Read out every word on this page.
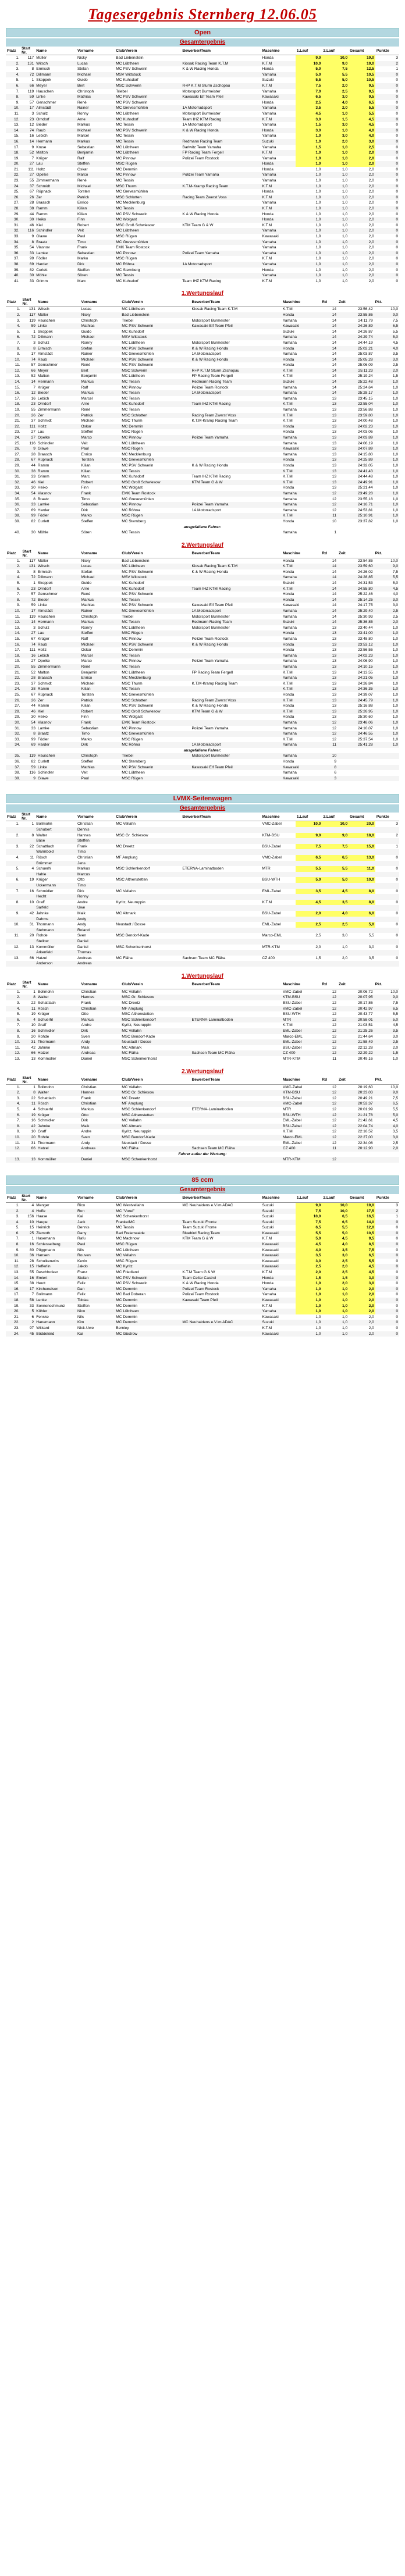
Tagesergebnis Sternberg 12.06.05
Open
Gesamtergebnis
Platz	Start Nr.	Name	Vorname	Club/Verein	Bewerber/Team	Maschine	1.Lauf	2.Lauf	Gesamt	Punkte
1.	117	Müller	Nicky	Bad Liebenstein		Honda	9,0	10,0	19,0	3
2.	131	Witsch	Lucas	MC Lübtheen	Kiosak Racing Team K.T.M	K.T.M	10,0	9,0	19,0	2
3.	8	Ermisch	Stefan	MC PSV Schwerin	K & W Racing Honda	Honda	5,0	7,5	12,5	1
4.	72	Dillmann	Michael	MSV Wittstock		Yamaha	5,0	5,5	10,5	0
5.	1	Skoppek	Guido	MC Kuhsdorf		Suzuki	5,5	5,0	10,5	0
6.	66	Meyer	Bert	MSC Schwerin	R+P K.T.M Sturm Zschopau	K.T.M	7,5	2,0	9,5	0
7.	119	Hauschen	Christoph	Triebel	Motorsport Burmeister	Yamaha	7,0	2,5	9,5	0
8.	59	Linke	Mathias	MC PSV Schwerin	Kawasaki Elf Team Pfeil	Kawasaki	6,5	3,0	9,5	0
9.	57	Genschmer	René	MC PSV Schwerin		Honda	2,5	4,0	6,5	0
10.	17	Almstädt	Rainer	MC Grevesmühlen	1A Motorradsport	Yamaha	3,5	2,0	5,5	0
11.	3	Schulz	Ronny	MC Lübtheen	Motorsport Burmeister	Yamaha	4,5	1,0	5,5	0
12.	23	Orndorf	Arne	MC Kuhsdorf	Team IHZ KTM Racing	K.T.M	3,0	1,5	4,5	0
13.	12	Bieder	Markus	MC Tessin	1A Motorradsport	Yamaha	1,5	3,0	4,5	0
14.	74	Raub	Michael	MC PSV Schwerin	K & W Racing Honda	Honda	3,0	1,0	4,0	0
15.	16	Lebich	Marcel	MC Tessin		Yamaha	1,0	3,0	4,0	0
16.	14	Hermann	Markus	MC Tessin	Redmann Racing Team	Suzuki	1,0	2,0	3,0	0
17.	9	Kruse	Sebastian	MC Lübtheen	Barlwitz Team Yamaha	Yamaha	1,5	1,0	2,5	0
18.	52	Malton	Benjamin	MC Lübtheen	FP Racing Team Fergell	K.T.M	1,0	1,0	2,0	0
19.	7	Krüger	Ralf	MC Pinnow	Polizei Team Rostock	Yamaha	1,0	1,0	2,0	0
20.	27	Lau	Steffen	MSC Rügen		Honda	1,0	1,0	2,0	0
21.	111	Holtz	Oskar	MC Demmin		Honda	1,0	1,0	2,0	0
22.	27	Opelke	Marco	MC Pinnow	Polizei Team Yamaha	Yamaha	1,0	1,0	2,0	0
23.	55	Zimmermann	René	MC Tessin		Yamaha	1,0	1,0	2,0	0
24.	37	Schmidt	Michael	MSC Thurm	K.T.M-Kramp Racing Team	K.T.M	1,0	1,0	2,0	0
25.	67	Rüpnack	Torsten	MC Grevesmühlen		Honda	1,0	1,0	2,0	0
26.	26	Zer	Patrick	MSC Schlotten	Racing Team Zwerst Voss	K.T.M	1,0	1,0	2,0	0
27.	28	Braasch	Enrico	MC Mecklenburg		Yamaha	1,0	1,0	2,0	0
28.	38	Ramm	Kilian	MC Tessin		K.T.M	1,0	1,0	2,0	0
29.	44	Ramm	Kilian	MC PSV Schwerin	K & W Racing Honda	Honda	1,0	1,0	2,0	0
30.	30	Heiko	Finn	MC Wolgast		Honda	1,0	1,0	2,0	0
31.	46	Kiel	Robert	MSC Groß Schwiesow	KTM Team G & W	K.T.M	1,0	1,0	2,0	0
32.	116	Schindler	Veit	MC Lübtheen		Yamaha	1,0	1,0	2,0	0
33.	9	Glawe	Paul	MSC Rügen		Kawasaki	1,0	1,0	2,0	0
34.	8	Braatz	Timo	MC Grevesmühlen		Yamaha	1,0	1,0	2,0	0
35.	54	Vlasnov	Frank	EMK Team Rostock		Yamaha	1,0	1,0	2,0	0
36.	33	Lamke	Sebastian	MC Pinnow	Polizei Team Yamaha	Yamaha	1,0	1,0	2,0	0
37.	99	Födler	Marko	MSC Rügen		K.T.M	1,0	1,0	2,0	0
38.	69	Harder	Dirk	MC Röhna	1A Motorradsport	Yamaha	1,0	1,0	2,0	0
39.	82	Curlett	Steffen	MC Sternberg		Honda	1,0	1,0	2,0	0
40.	30	Möhle	Sören	MC Tessin		Yamaha	1,0	1,0	2,0	0
41.	33	Grimm	Marc	MC Kuhsdorf	Team IHZ KTM Racing	K.T.M	1,0	1,0	2,0	0
1.Wertungslauf
Platz	Start Nr.	Name	Vorname	Club/Verein	Bewerber/Team	Maschine	Rd	Zeit	Pkt.
1.	131	Witsch	Lucas	MC Lübtheen	Kiosak Racing Team K.T.M	K.T.M	14	23:56,42	10,0
2.	117	Müller	Nicky	Bad Liebenstein		Honda	14	23:55,86	9,0
3.	119	Hauschen	Christoph	Triebel	Motorsport Burmeister	Yamaha	14	24:11,79	7,5
4.	59	Linke	Mathias	MC PSV Schwerin	Kawasaki Elf Team Pfeil	Kawasaki	14	24:26,89	6,5
5.	1	Skoppek	Guido	MC Kuhsdorf		Suzuki	14	24:26,87	5,5
6.	72	Dillmann	Michael	MSV Wittstock		Yamaha	14	24:29,74	5,0
7.	3	Schulz	Ronny	MC Lübtheen	Motorsport Burmeister	Yamaha	14	24:44,19	4,5
8.	8	Ermisch	Stefan	MC PSV Schwerin	K & W Racing Honda	Honda	14	25:02,21	4,0
9.	17	Almstädt	Rainer	MC Grevesmühlen	1A Motorradsport	Yamaha	14	25:03,87	3,5
10.	74	Raub	Michael	MC PSV Schwerin	K & W Racing Honda	Honda	14	25:05,28	3,0
11.	57	Genschmer	René	MC PSV Schwerin		Honda	14	25:06,09	2,5
12.	66	Meyer	Bert	MSC Schwerin	R+P K.T.M Sturm Zschopau	K.T.M	14	25:11,23	2,0
13.	52	Malton	Benjamin	MC Lübtheen	FP Racing Team Fergell	K.T.M	14	25:19,24	1,5
14.	14	Hermann	Markus	MC Tessin	Redmann Racing Team	Suzuki	14	25:22,48	1,0
15.	7	Krüger	Ralf	MC Pinnow	Polizei Team Rostock	Yamaha	14	25:24,64	1,0
16.	12	Bieder	Markus	MC Tessin	1A Motorradsport	Yamaha	14	25:28,17	1,0
17.	16	Lebich	Marcel	MC Tessin		Yamaha	13	23:45,15	1,0
18.	23	Orndorf	Arne	MC Kuhsdorf	Team IHZ KTM Racing	K.T.M	13	23:55,04	1,0
19.	55	Zimmermann	René	MC Tessin		Yamaha	13	23:56,88	1,0
20.	26	Zer	Patrick	MSC Schlotten	Racing Team Zwerst Voss	K.T.M	13	23:59,80	1,0
21.	37	Schmidt	Michael	MSC Thurm	K.T.M-Kramp Racing Team	K.T.M	13	24:00,48	1,0
22.	111	Holtz	Oskar	MC Demmin		Honda	13	24:02,23	1,0
23.	27	Lau	Steffen	MSC Rügen		Honda	13	24:03,06	1,0
24.	27	Opelke	Marco	MC Pinnow	Polizei Team Yamaha	Yamaha	13	24:03,89	1,0
25.	116	Schindler	Veit	MC Lübtheen		Yamaha	13	24:06,19	1,0
26.	9	Glawe	Paul	MSC Rügen		Kawasaki	13	24:07,89	1,0
27.	28	Braasch	Enrico	MC Mecklenburg		Yamaha	13	24:15,80	1,0
28.	67	Rüpnack	Torsten	MC Grevesmühlen		Honda	13	24:25,89	1,0
29.	44	Ramm	Kilian	MC PSV Schwerin	K & W Racing Honda	Honda	13	24:32,05	1,0
30.	38	Ramm	Kilian	MC Tessin		K.T.M	13	24:41,43	1,0
31.	33	Grimm	Marc	MC Kuhsdorf	Team IHZ KTM Racing	K.T.M	13	24:44,48	1,0
32.	46	Kiel	Robert	MSC Groß Schwiesow	KTM Team G & W	K.T.M	13	24:49,91	1,0
33.	30	Heiko	Finn	MC Wolgast		Honda	13	25:21,44	1,0
34.	54	Vlasnov	Frank	EMK Team Rostock		Yamaha	12	23:49,28	1,0
35.	8	Braatz	Timo	MC Grevesmühlen		Yamaha	12	23:55,18	1,0
36.	33	Lamke	Sebastian	MC Pinnow	Polizei Team Yamaha	Yamaha	12	24:16,71	1,0
37.	69	Harder	Dirk	MC Röhna	1A Motorradsport	Yamaha	12	24:53,81	1,0
38.	99	Födler	Marko	MSC Rügen		K.T.M	11	25:10,91	1,0
39.	82	Curlett	Steffen	MC Sternberg		Honda	10	23:37,82	1,0
ausgefallene Fahrer:									
40.	30	Möhle	Sören	MC Tessin		Yamaha	1		
2.Wertungslauf
Platz	Start Nr.	Name	Vorname	Club/Verein	Bewerber/Team	Maschine	Rd	Zeit	Pkt.
1.	117	Müller	Nicky	Bad Liebenstein		Honda	14	23:54,85	10,0
2.	131	Witsch	Lucas	MC Lübtheen	Kiosak Racing Team K.T.M	K.T.M	14	23:59,60	9,0
3.	8	Ermisch	Stefan	MC PSV Schwerin	K & W Racing Honda	Honda	14	24:26,02	7,5
4.	72	Dillmann	Michael	MSV Wittstock		Yamaha	14	24:28,85	5,5
5.	1	Skoppek	Guido	MC Kuhsdorf		Suzuki	14	24:31,53	5,0
6.	23	Orndorf	Arne	MC Kuhsdorf	Team IHZ KTM Racing	K.T.M	14	24:55,80	4,5
7.	57	Genschmer	René	MC PSV Schwerin		Honda	14	25:22,46	4,0
8.	72	Bieder	Markus	MC Tessin		Honda	14	25:14,25	3,0
9.	59	Linke	Mathias	MC PSV Schwerin	Kawasaki Elf Team Pfeil	Kawasaki	14	24:17,75	3,0
10.	17	Almstädt	Rainer	MC Grevesmühlen	1A Motorradsport	Yamaha	14	25:29,40	2,5
11.	119	Hauschen	Christoph	Triebel	Motorsport Burmeister	Yamaha	14	25:30,93	2,5
12.	14	Hermann	Markus	MC Tessin	Redmann Racing Team	Suzuki	14	25:36,85	2,0
13.	3	Schulz	Ronny	MC Lübtheen	Motorsport Burmeister	Yamaha	13	23:40,44	1,0
14.	27	Lau	Steffen	MSC Rügen		Honda	13	23:41,00	1,0
15.	67	Krüger	Ralf	MC Pinnow	Polizei Team Rostock	Yamaha	13	23:48,80	1,0
16.	74	Raub	Michael	MC PSV Schwerin	K & W Racing Honda	Honda	13	23:53,12	1,0
17.	111	Holtz	Oskar	MC Demmin		Honda	13	23:56,55	1,0
18.	16	Lebich	Marcel	MC Tessin		Yamaha	13	24:02,23	1,0
19.	27	Opelke	Marco	MC Pinnow	Polizei Team Yamaha	Yamaha	13	24:06,90	1,0
20.	55	Zimmermann	René	MC Tessin		Yamaha	13	24:10,15	1,0
21.	52	Malton	Benjamin	MC Lübtheen	FP Racing Team Fergell	K.T.M	13	24:13,55	1,0
22.	28	Braasch	Enrico	MC Mecklenburg		Yamaha	13	24:21,05	1,0
23.	37	Schmidt	Michael	MSC Thurm	K.T.M-Kramp Racing Team	K.T.M	13	24:26,84	1,0
24.	38	Ramm	Kilian	MC Tessin		K.T.M	13	24:36,35	1,0
25.	67	Rüpnack	Torsten	MC Grevesmühlen		Honda	13	24:39,07	1,0
26.	26	Zer	Patrick	MSC Schlotten	Racing Team Zwerst Voss	K.T.M	13	24:45,79	1,0
27.	44	Ramm	Kilian	MC PSV Schwerin	K & W Racing Honda	Honda	13	25:16,88	1,0
28.	46	Kiel	Robert	MSC Groß Schwiesow	KTM Team G & W	K.T.M	13	25:26,95	1,0
29.	30	Heiko	Finn	MC Wolgast		Honda	13	25:30,60	1,0
30.	54	Vlasnov	Frank	EMK Team Rostock		Yamaha	12	23:48,06	1,0
31.	33	Lamke	Sebastian	MC Pinnow	Polizei Team Yamaha	Yamaha	12	24:10,07	1,0
32.	8	Braatz	Timo	MC Grevesmühlen		Yamaha	12	24:46,55	1,0
33.	99	Födler	Marko	MSC Rügen		K.T.M	12	25:37,54	1,0
34.	69	Harder	Dirk	MC Röhna	1A Motorradsport	Yamaha	11	25:41,28	1,0
ausgefallene Fahrer:									
35.	119	Hauschen	Christoph	Triebel	Motorsport Burmeister	Yamaha	10		
36.	82	Curlett	Steffen	MC Sternberg		Honda	9		
37.	59	Linke	Mathias	MC PSV Schwerin	Kawasaki Elf Team Pfeil	Kawasaki	8		
38.	116	Schindler	Veit	MC Lübtheen		Yamaha	6		
39.	9	Glawe	Paul	MSC Rügen		Kawasaki	3		
LVMX-Seitenwagen
Gesamtergebnis
Platz	Start Nr.	Name	Vorname	Club/Verein	Bewerber/Team	Maschine	1.Lauf	2.Lauf	Gesamt	Punkte
1.	1	Bollmohn	Christian	MC Vellahn		VMC-Zabel	10,0	10,0	20,0	3
		Schubert	Dennis							
2.	8	Walter	Hannes	MSC Gr. Schiesow		KTM-BSU	9,0	9,0	18,0	2
		Bäse	Steffen							
3.	22	Schattlach	Frank	MC Dreetz		BSU-Zabel	7,5	7,5	15,0	1
		Warmbold	Timo							
4.	11	Rösch	Christian	MF Amplung		VMC-Zabel	6,5	6,5	13,0	0
		Brümmer	Jens							
5.	4	Schuerhl	Markus	MSC Schlenkendorf	ETERNA-Laminatboden	MTR	5,5	5,5	11,0	0
		Hahle	Marcus							
6.	19	Krüger	Otto	MSC Althenstetten		BSU-WTH	5,0	5,0	10,0	0
		Uckermann	Timo							
7.	16	Schmidler	Dirk	MC Vellahn		EML-Zabel	3,5	4,5	8,0	0
		Hecht	Ronny							
8.	10	Graff	Andre	Kyritz, Neuruppin		K.T.M	4,5	3,5	8,0	0
		Sarfeld	Uwe							
9.	42	Jahnke	Maik	MC Altmark		BSU-Zabel	2,0	4,0	6,0	0
		Dahms	Andy							
10.	31	Thormann	Andy	Neustadt / Dosse		EML-Zabel	2,5	2,5	5,0	0
		Stehmann	Roland							
11.	20	Rohde	Sven	MSC Bendorf-Kade		Marco-EML	2,5	3,0	5,5	0
		Stellow	Daniel							
12.	13	Kommüller	Daniel	MSC Schenkenhorst		MTR-KTM	2,0	1,0	3,0	0
		Arkenfeld	Thomas							
13.	66	Hatzel	Andreas	MC Fläha	Sachsen Team MC Fläha	CZ 400	1,5	2,0	3,5	0
		Anderson	Andreas							
1.Wertungslauf
Platz	Start Nr.	Name	Vorname	Club/Verein	Bewerber/Team	Maschine	Rd	Zeit	Pkt.
1.	1	Bollmohn	Christian	MC Vellahn		VMC-Zabel	12	20:06,72	10,0
2.	8	Walter	Hannes	MSC Gr. Schiesow		KTM-BSU	12	20:07,95	9,0
3.	22	Schattlach	Frank	MC Dreetz		BSU-Zabel	12	20:17,86	7,5
4.	11	Rösch	Christian	MF Amplung		VMC-Zabel	12	20:42,97	6,5
5.	19	Krüger	Otto	MSC Althenstetten		BSU-WTH	12	20:43,77	5,5
6.	4	Schuerhl	Markus	MSC Schlenkendorf	ETERNA-Laminatboden	MTR	12	20:58,01	5,0
7.	10	Graff	Andre	Kyritz, Neuruppin		K.T.M	12	21:03,51	4,5
8.	16	Schmidler	Dirk	MC Vellahn		EML-Zabel	12	21:25,26	3,5
9.	20	Rohde	Sven	MSC Bendorf-Kade		Marco-EML	12	21:44,64	3,0
10.	31	Thormann	Andy	Neustadt / Dosse		EML-Zabel	12	21:58,49	2,5
11.	42	Jahnke	Maik	MC Altmark		BSU-Zabel	12	22:12,28	2,0
12.	66	Hatzel	Andreas	MC Fläha	Sachsen Team MC Fläha	CZ 400	12	22:29,22	1,5
13.	13	Kommüller	Daniel	MSC Schenkenhorst		MTR-KTM	11	20:49,16	1,0
2.Wertungslauf
Platz	Start Nr.	Name	Vorname	Club/Verein	Bewerber/Team	Maschine	Rd	Zeit	Pkt.
1.	1	Bollmohn	Christian	MC Vellahn		VMC-Zabel	12	20:19,60	10,0
2.	8	Walter	Hannes	MSC Gr. Schiesow		KTM-BSU	12	20:23,03	9,0
3.	22	Schattlach	Frank	MC Dreetz		BSU-Zabel	12	20:49,21	7,5
4.	11	Rösch	Christian	MF Amplung		VMC-Zabel	12	20:53,37	6,5
5.	4	Schuerhl	Markus	MSC Schlenkendorf	ETERNA-Laminatboden	MTR	12	20:01,99	5,5
6.	19	Krüger	Otto	MSC Althenstetten		BSU-WTH	12	21:21,78	5,0
7.	16	Schmidler	Dirk	MC Vellahn		EML-Zabel	12	21:42,61	4,5
8.	42	Jahnke	Maik	MC Altmark		BSU-Zabel	12	22:04,74	4,0
9.	10	Graff	Andre	Kyritz, Neuruppin		K.T.M	12	22:16,52	3,5
10.	20	Rohde	Sven	MSC Bendorf-Kade		Marco-EML	12	22:27,00	3,0
11.	31	Thormann	Andy	Neustadt / Dosse		EML-Zabel	12	22:34,08	2,5
12.	66	Hatzel	Andreas	MC Fläha	Sachsen Team MC Fläha	CZ 400	11	20:12,90	2,0
Fahrer außer der Wertung:									
13.	13	Kommüller	Daniel	MSC Schenkenhorst		MTR-KTM	12		
85 ccm
Gesamtergebnis
Platz	Start Nr.	Name	Vorname	Club/Verein	Bewerber/Team	Maschine	1.Lauf	2.Lauf	Gesamt	Punkte
1.	4	Menger	Rico	MC Westvellahn	MC Neuhaldens e.V.im ADAC	Suzuki	9,0	10,0	19,0	3
2.	4	Hoffe	Ron	MC "Vorel"		Suzuki	7,5	10,0	17,5	2
3.	156	Haase	Kai	MC Schenkenhorst		Suzuki	10,0	6,5	16,5	1
4.	10	Haupe	Jack	Franke/MC	Team Suzuki Fronte	Suzuki	7,5	6,5	14,0	0
5.	15	Heinrich	Dennis	MC Tessin	Team Suzuki Fronte	Suzuki	6,5	5,5	12,0	0
6.	25	Ziemoth	Dany	Bad Freienwalde	Bluebird Racing Team	Kawasaki	5,5	5,0	10,5	0
7.	1	Hasemann	Rafu	MC Machnow	KTM Team G & W	K.T.M	5,0	4,5	9,5	0
8.	16	Schlesselberg	Paul	MSC Rügen		Kawasaki	4,5	4,0	8,5	0
9.	80	Pöggmann	Nils	MC Lübtheen		Kawasaki	4,0	3,5	7,5	0
10.	36	Hansen	Rouven	MC Vellahn		Kawasaki	3,5	3,0	6,5	0
11.	28	Schulkenwirs	Kevin	MSC Rügen		Kawasaki	3,0	2,5	5,5	0
12.	15	Hefferlin	Jakob	MC Kyritz		Kawasaki	2,5	2,0	4,5	0
13.	55	Deschhofeer	Franz	MC Friedland	K.T.M Team G & W	K.T.M	2,0	2,5	4,5	0
14.	16	Emlert	Stefan	MC PSV Schwerin	Team Cellar Castrol	Honda	1,5	1,5	3,0	0
15.	38	Heutt	Felix	MC PSV Schwerin	K & W Racing Honda	Honda	1,0	2,0	3,0	0
16.	17	Kircheneisen	Dan	MC Demmin	Polizei Team Rostock	Yamaha	1,0	1,0	2,0	0
17.	7	Bollmann	Felix	MC Bad Doberan	Polizei Team Rostock	Yamaha	1,0	1,0	2,0	0
18.	58	Lenke	Tobias	MC Demmin	Kawasaki Team Pfeil	Kawasaki	1,0	1,0	2,0	0
19.	33	Sonnenschmunz	Steffen	MC Demmin		K.T.M	1,0	1,0	2,0	0
20.	5	Köhler	Nico	MC Lübtheen		Yamaha	1,0	1,0	2,0	0
21.	6	Fenske	Nils	MC Demmin		Kawasaki	1,0	1,0	2,0	0
22.	2	Hanemann	Kim	MC Demmin	MC Neuhaldens e.V.im ADAC	Suzuki	1,0	1,0	2,0	0
23.	97	Witkard	Nick-Uwe	Berniey		K.T.M	1,0	1,0	2,0	0
24.	45	Böddekind	Kai	MC Güstrow		Kawasaki	1,0	1,0	2,0	0
